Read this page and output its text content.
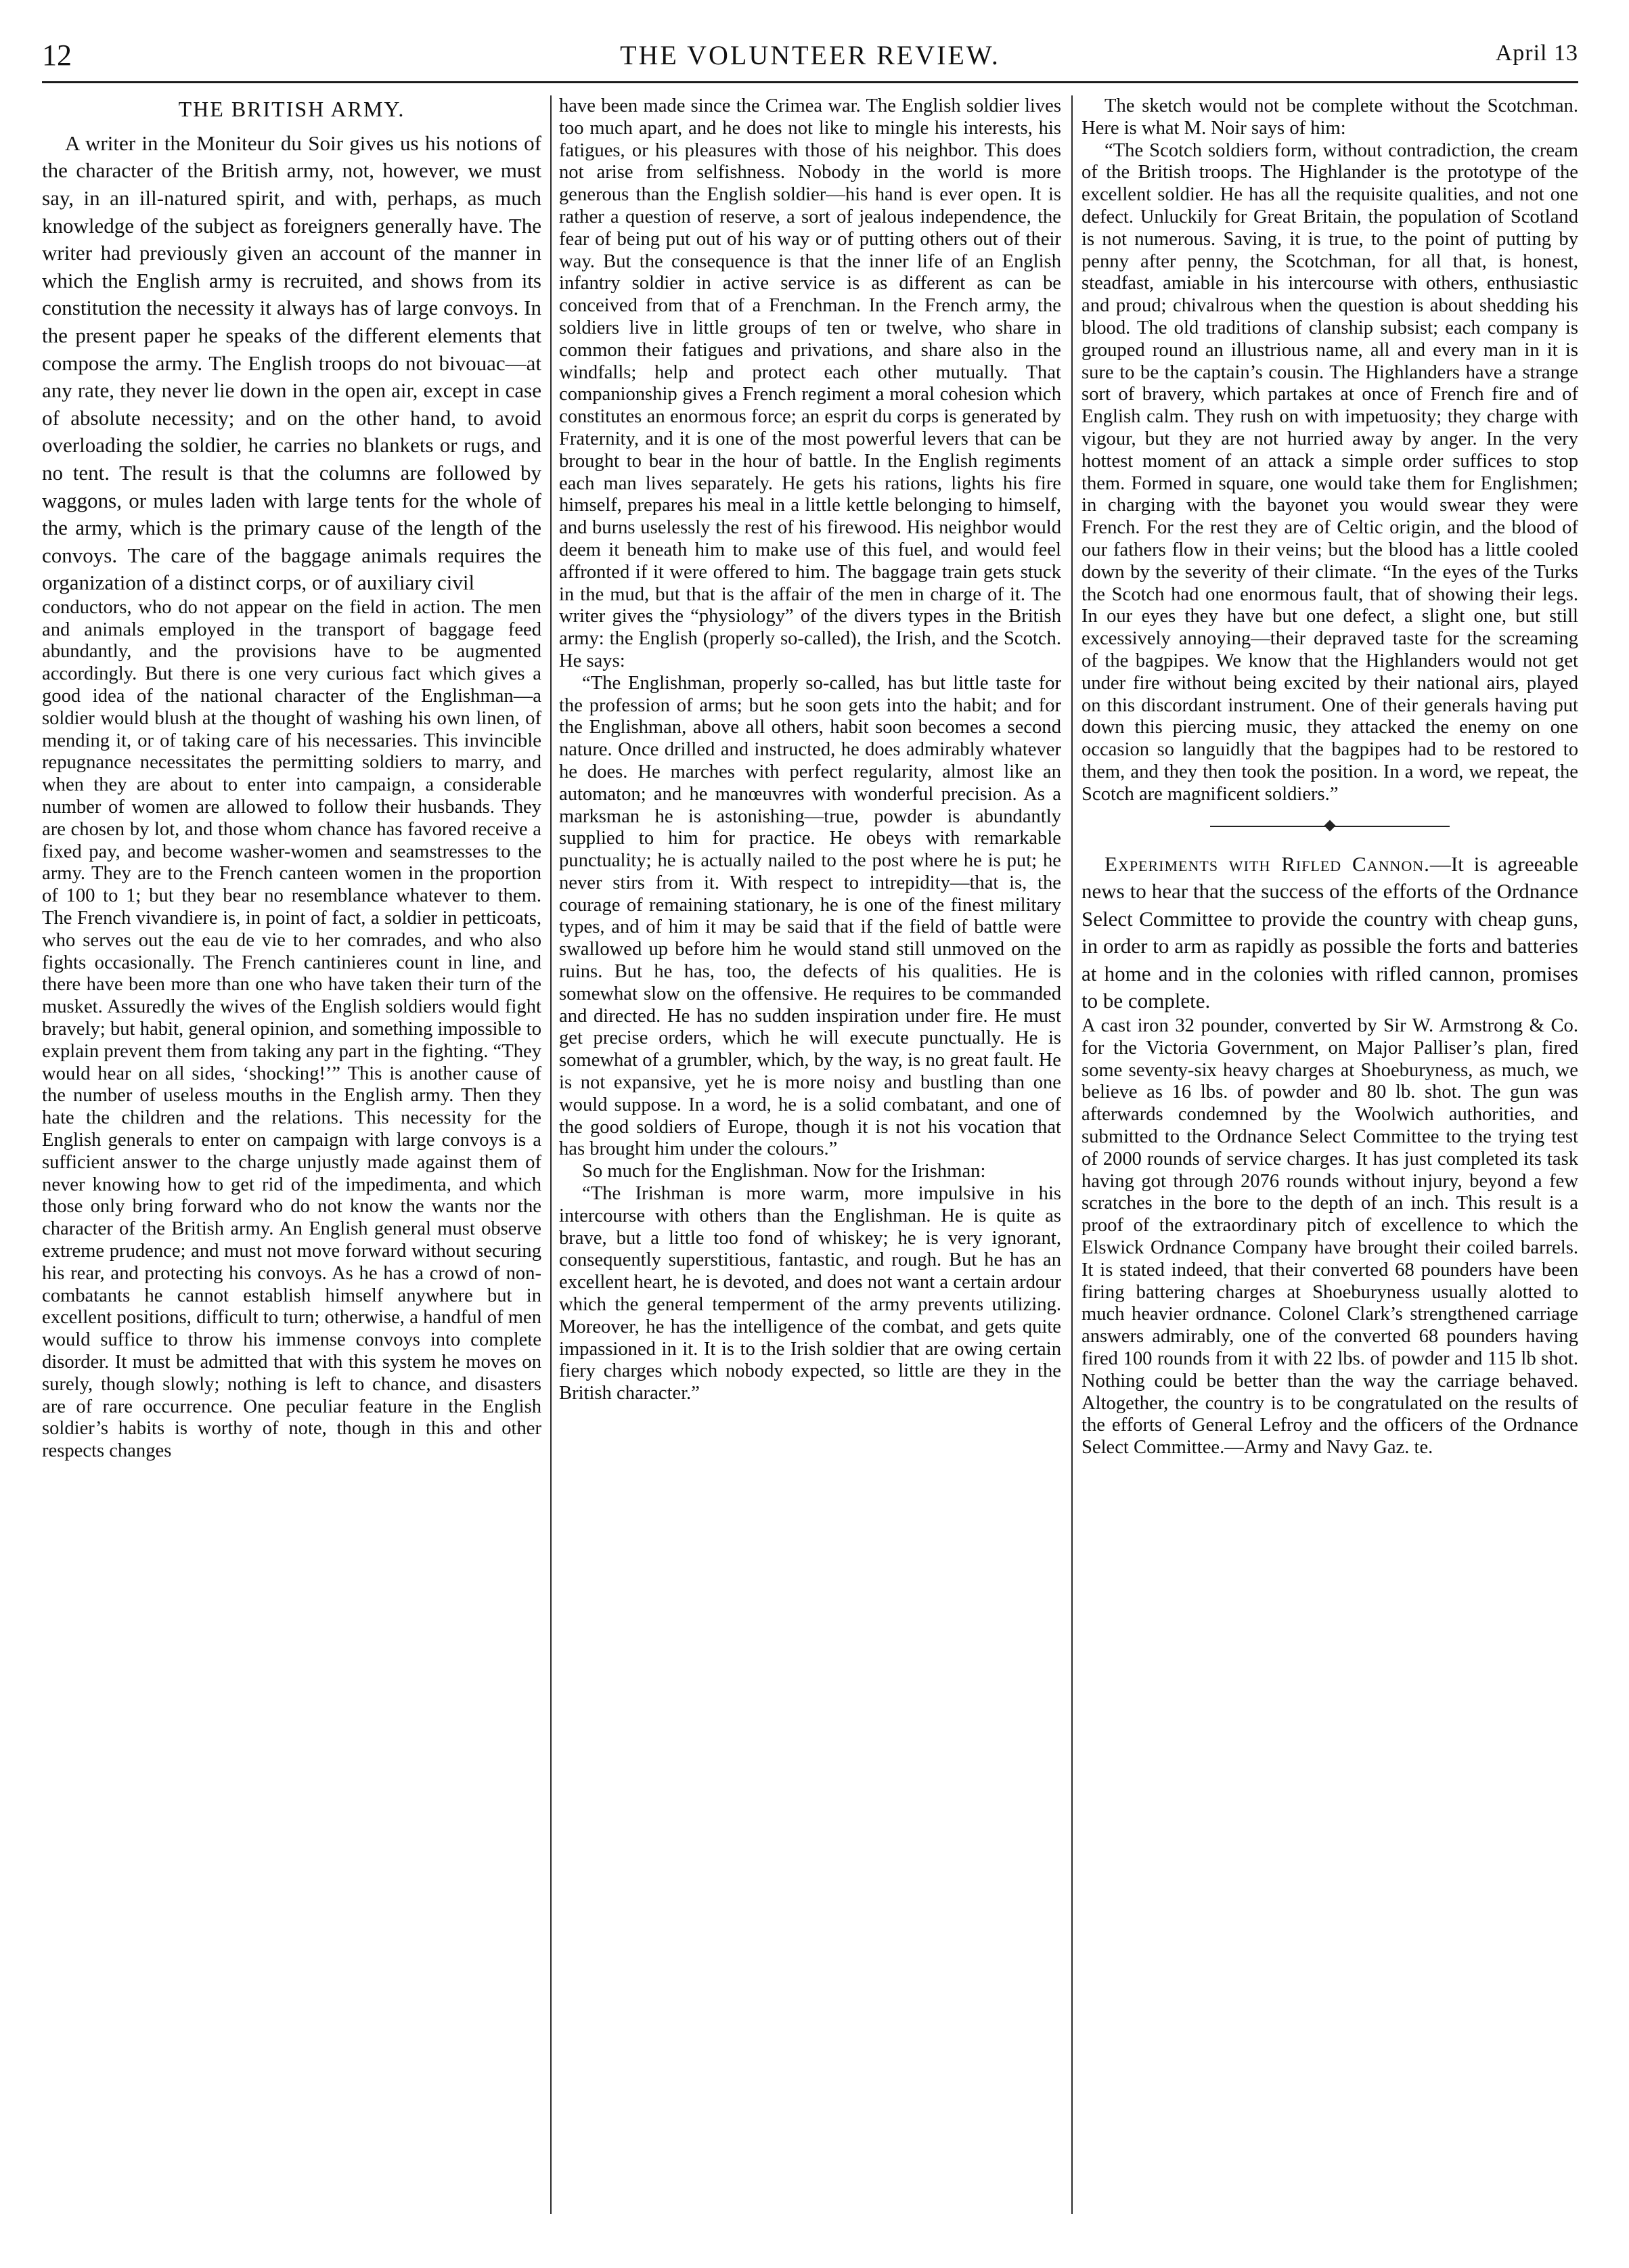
12	THE VOLUNTEER REVIEW.	April 13
THE BRITISH ARMY.

A writer in the Moniteur du Soir gives us his notions of the character of the British army, not, however, we must say, in an ill-natured spirit, and with, perhaps, as much knowledge of the subject as foreigners generally have. The writer had previously given an account of the manner in which the English army is recruited, and shows from its constitution the necessity it always has of large convoys. In the present paper he speaks of the different elements that compose the army. The English troops do not bivouac—at any rate, they never lie down in the open air, except in case of absolute necessity; and on the other hand, to avoid overloading the soldier, he carries no blankets or rugs, and no tent. The result is that the columns are followed by waggons, or mules laden with large tents for the whole of the army, which is the primary cause of the length of the convoys. The care of the baggage animals requires the organization of a distinct corps, or of auxiliary civil

conductors, who do not appear on the field in action. The men and animals employed in the transport of baggage feed abundantly, and the provisions have to be augmented accordingly. But there is one very curious fact which gives a good idea of the national character of the Englishman—a soldier would blush at the thought of washing his own linen, of mending it, or of taking care of his necessaries. This invincible repugnance necessitates the permitting soldiers to marry, and when they are about to enter into campaign, a considerable number of women are allowed to follow their husbands. They are chosen by lot, and those whom chance has favored receive a fixed pay, and become washer-women and seamstresses to the army. They are to the French canteen women in the proportion of 100 to 1; but they bear no resemblance whatever to them. The French vivandiere is, in point of fact, a soldier in petticoats, who serves out the eau de vie to her comrades, and who also fights occasionally. The French cantinieres count in line, and there have been more than one who have taken their turn of the musket. Assuredly the wives of the English soldiers would fight bravely; but habit, general opinion, and something impossible to explain prevent them from taking any part in the fighting. “They would hear on all sides, ‘shocking!’” This is another cause of the number of useless mouths in the English army. Then they hate the children and the relations. This necessity for the English generals to enter on campaign with large convoys is a sufficient answer to the charge unjustly made against them of never knowing how to get rid of the impedimenta, and which those only bring forward who do not know the wants nor the character of the British army. An English general must observe extreme prudence; and must not move forward without securing his rear, and protecting his convoys. As he has a crowd of non-combatants he cannot establish himself anywhere but in excellent positions, difficult to turn; otherwise, a handful of men would suffice to throw his immense convoys into complete disorder. It must be admitted that with this system he moves on surely, though slowly; nothing is left to chance, and disasters are of rare occurrence. One peculiar feature in the English soldier’s habits is worthy of note, though in this and other respects changes

have been made since the Crimea war. The English soldier lives too much apart, and he does not like to mingle his interests, his fatigues, or his pleasures with those of his neighbor. This does not arise from selfishness. Nobody in the world is more generous than the English soldier—his hand is ever open. It is rather a question of reserve, a sort of jealous independence, the fear of being put out of his way or of putting others out of their way. But the consequence is that the inner life of an English infantry soldier in active service is as different as can be conceived from that of a Frenchman. In the French army, the soldiers live in little groups of ten or twelve, who share in common their fatigues and privations, and share also in the windfalls; help and protect each other mutually. That companionship gives a French regiment a moral cohesion which constitutes an enormous force; an esprit du corps is generated by Fraternity, and it is one of the most powerful levers that can be brought to bear in the hour of battle. In the English regiments each man lives separately. He gets his rations, lights his fire himself, prepares his meal in a little kettle belonging to himself, and burns uselessly the rest of his firewood. His neighbor would deem it beneath him to make use of this fuel, and would feel affronted if it were offered to him. The baggage train gets stuck in the mud, but that is the affair of the men in charge of it. The writer gives the “physiology” of the divers types in the British army: the English (properly so-called), the Irish, and the Scotch. He says:

“The Englishman, properly so-called, has but little taste for the profession of arms; but he soon gets into the habit; and for the Englishman, above all others, habit soon becomes a second nature. Once drilled and instructed, he does admirably whatever he does. He marches with perfect regularity, almost like an automaton; and he manœuvres with wonderful precision. As a marksman he is astonishing—true, powder is abundantly supplied to him for practice. He obeys with remarkable punctuality; he is actually nailed to the post where he is put; he never stirs from it. With respect to intrepidity—that is, the courage of remaining stationary, he is one of the finest military types, and of him it may be said that if the field of battle were swallowed up before him he would stand still unmoved on the ruins. But he has, too, the defects of his qualities. He is somewhat slow on the offensive. He requires to be commanded and directed. He has no sudden inspiration under fire. He must get precise orders, which he will execute punctually. He is somewhat of a grumbler, which, by the way, is no great fault. He is not expansive, yet he is more noisy and bustling than one would suppose. In a word, he is a solid combatant, and one of the good soldiers of Europe, though it is not his vocation that has brought him under the colours.”

So much for the Englishman. Now for the Irishman:

“The Irishman is more warm, more impulsive in his intercourse with others than the Englishman. He is quite as brave, but a little too fond of whiskey; he is very ignorant, consequently superstitious, fantastic, and rough. But he has an excellent heart, he is devoted, and does not want a certain ardour which the general temperment of the army prevents utilizing. Moreover, he has the intelligence of the combat, and gets quite impassioned in it. It is to the Irish soldier that are owing certain fiery charges which nobody expected, so little are they in the British character.”

The sketch would not be complete without the Scotchman. Here is what M. Noir says of him:

“The Scotch soldiers form, without contradiction, the cream of the British troops. The Highlander is the prototype of the excellent soldier. He has all the requisite qualities, and not one defect. Unluckily for Great Britain, the population of Scotland is not numerous. Saving, it is true, to the point of putting by penny after penny, the Scotchman, for all that, is honest, steadfast, amiable in his intercourse with others, enthusiastic and proud; chivalrous when the question is about shedding his blood. The old traditions of clanship subsist; each company is grouped round an illustrious name, all and every man in it is sure to be the captain’s cousin. The Highlanders have a strange sort of bravery, which partakes at once of French fire and of English calm. They rush on with impetuosity; they charge with vigour, but they are not hurried away by anger. In the very hottest moment of an attack a simple order suffices to stop them. Formed in square, one would take them for Englishmen; in charging with the bayonet you would swear they were French. For the rest they are of Celtic origin, and the blood of our fathers flow in their veins; but the blood has a little cooled down by the severity of their climate. “In the eyes of the Turks the Scotch had one enormous fault, that of showing their legs. In our eyes they have but one defect, a slight one, but still excessively annoying—their depraved taste for the screaming of the bagpipes. We know that the Highlanders would not get under fire without being excited by their national airs, played on this discordant instrument. One of their generals having put down this piercing music, they attacked the enemy on one occasion so languidly that the bagpipes had to be restored to them, and they then took the position. In a word, we repeat, the Scotch are magnificent soldiers.”

Experiments with Rifled Cannon.—It is agreeable news to hear that the success of the efforts of the Ordnance Select Committee to provide the country with cheap guns, in order to arm as rapidly as possible the forts and batteries at home and in the colonies with rifled cannon, promises to be complete.

A cast iron 32 pounder, converted by Sir W. Armstrong & Co. for the Victoria Government, on Major Palliser’s plan, fired some seventy-six heavy charges at Shoeburyness, as much, we believe as 16 lbs. of powder and 80 lb. shot. The gun was afterwards condemned by the Woolwich authorities, and submitted to the Ordnance Select Committee to the trying test of 2000 rounds of service charges. It has just completed its task having got through 2076 rounds without injury, beyond a few scratches in the bore to the depth of an inch. This result is a proof of the extraordinary pitch of excellence to which the Elswick Ordnance Company have brought their coiled barrels. It is stated indeed, that their converted 68 pounders have been firing battering charges at Shoeburyness usually alotted to much heavier ordnance. Colonel Clark’s strengthened carriage answers admirably, one of the converted 68 pounders having fired 100 rounds from it with 22 lbs. of powder and 115 lb shot. Nothing could be better than the way the carriage behaved. Altogether, the country is to be congratulated on the results of the efforts of General Lefroy and the officers of the Ordnance Select Committee.—Army and Navy Gaz. te.
